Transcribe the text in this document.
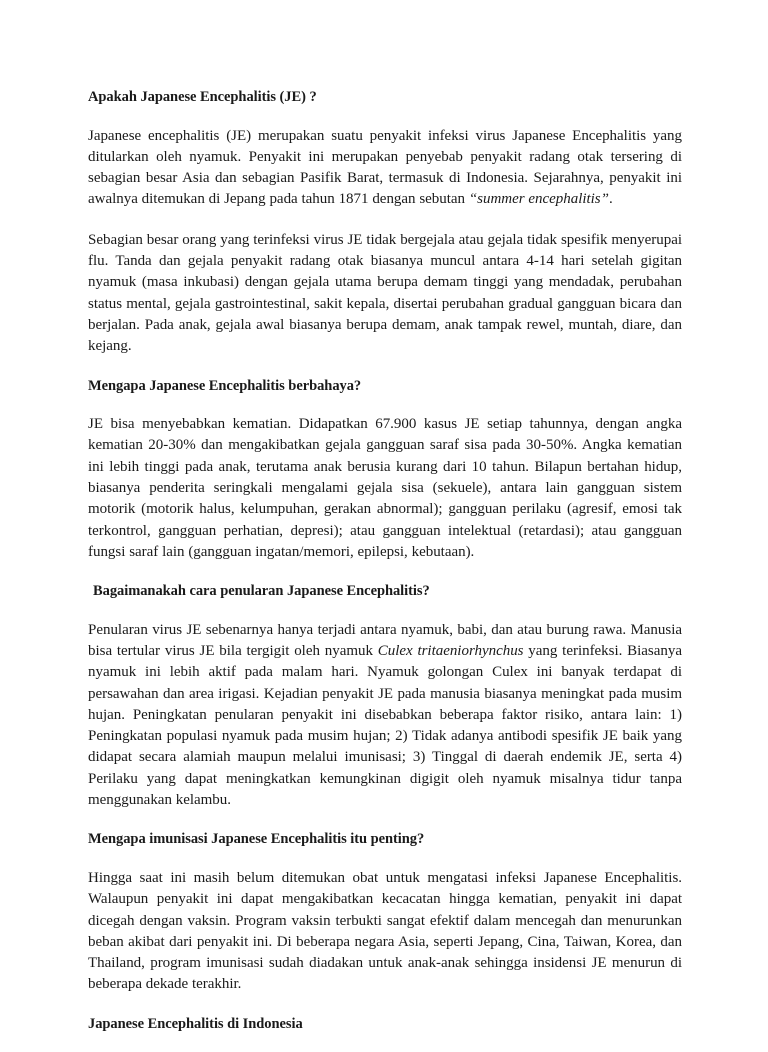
Apakah Japanese Encephalitis (JE) ?

Japanese encephalitis (JE) merupakan suatu penyakit infeksi virus Japanese Encephalitis yang ditularkan oleh nyamuk. Penyakit ini merupakan penyebab penyakit radang otak tersering di sebagian besar Asia dan sebagian Pasifik Barat, termasuk di Indonesia. Sejarahnya, penyakit ini awalnya ditemukan di Jepang pada tahun 1871 dengan sebutan “summer encephalitis”.

Sebagian besar orang yang terinfeksi virus JE tidak bergejala atau gejala tidak spesifik menyerupai flu. Tanda dan gejala penyakit radang otak biasanya muncul antara 4-14 hari setelah gigitan nyamuk (masa inkubasi) dengan gejala utama berupa demam tinggi yang mendadak, perubahan status mental, gejala gastrointestinal, sakit kepala, disertai perubahan gradual gangguan bicara dan berjalan. Pada anak, gejala awal biasanya berupa demam, anak tampak rewel, muntah, diare, dan kejang.

Mengapa Japanese Encephalitis berbahaya?

JE bisa menyebabkan kematian. Didapatkan 67.900 kasus JE setiap tahunnya, dengan angka kematian 20-30% dan mengakibatkan gejala gangguan saraf sisa pada 30-50%. Angka kematian ini lebih tinggi pada anak, terutama anak berusia kurang dari 10 tahun. Bilapun bertahan hidup, biasanya penderita seringkali mengalami gejala sisa (sekuele), antara lain gangguan sistem motorik (motorik halus, kelumpuhan, gerakan abnormal); gangguan perilaku (agresif, emosi tak terkontrol, gangguan perhatian, depresi); atau gangguan intelektual (retardasi); atau gangguan fungsi saraf lain (gangguan ingatan/memori, epilepsi, kebutaan).

Bagaimanakah cara penularan Japanese Encephalitis?

Penularan virus JE sebenarnya hanya terjadi antara nyamuk, babi, dan atau burung rawa. Manusia bisa tertular virus JE bila tergigit oleh nyamuk Culex tritaeniorhynchus yang terinfeksi. Biasanya nyamuk ini lebih aktif pada malam hari. Nyamuk golongan Culex ini banyak terdapat di persawahan dan area irigasi. Kejadian penyakit JE pada manusia biasanya meningkat pada musim hujan. Peningkatan penularan penyakit ini disebabkan beberapa faktor risiko, antara lain: 1) Peningkatan populasi nyamuk pada musim hujan; 2) Tidak adanya antibodi spesifik JE baik yang didapat secara alamiah maupun melalui imunisasi; 3) Tinggal di daerah endemik JE, serta 4) Perilaku yang dapat meningkatkan kemungkinan digigit oleh nyamuk misalnya tidur tanpa menggunakan kelambu.

Mengapa imunisasi Japanese Encephalitis itu penting?

Hingga saat ini masih belum ditemukan obat untuk mengatasi infeksi Japanese Encephalitis. Walaupun penyakit ini dapat mengakibatkan kecacatan hingga kematian, penyakit ini dapat dicegah dengan vaksin. Program vaksin terbukti sangat efektif dalam mencegah dan menurunkan beban akibat dari penyakit ini. Di beberapa negara Asia, seperti Jepang, Cina, Taiwan, Korea, dan Thailand, program imunisasi sudah diadakan untuk anak-anak sehingga insidensi JE menurun di beberapa dekade terakhir.

Japanese Encephalitis di Indonesia
